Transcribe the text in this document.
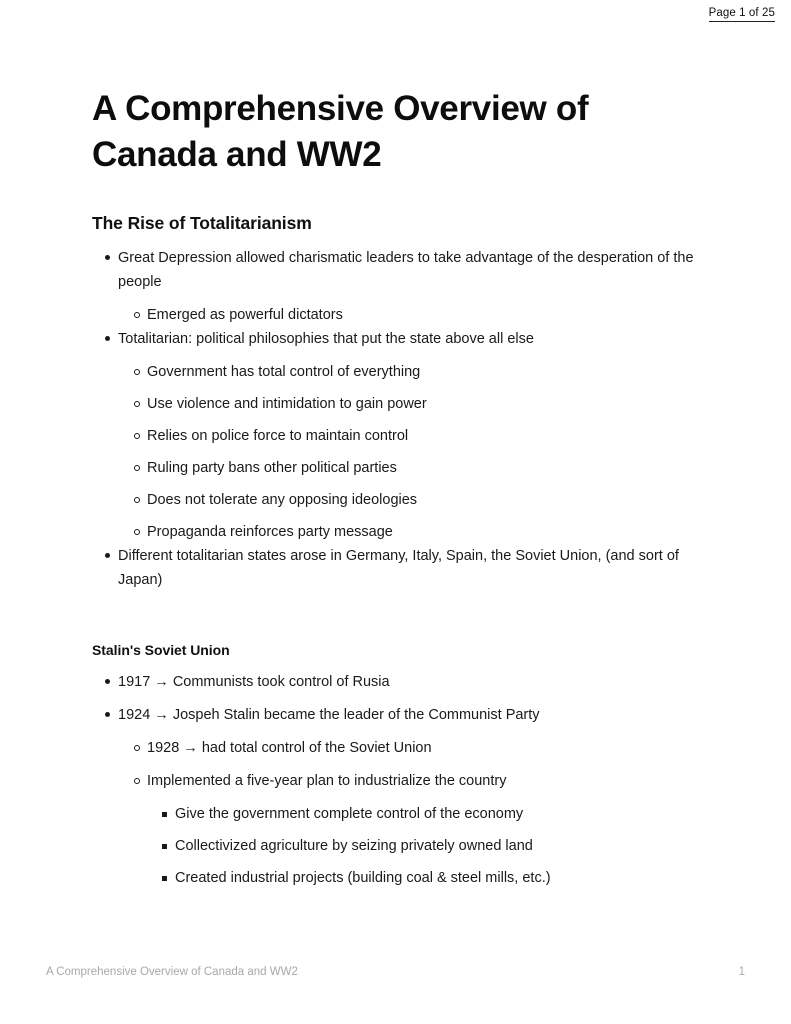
Page 1 of 25
A Comprehensive Overview of Canada and WW2
The Rise of Totalitarianism
Great Depression allowed charismatic leaders to take advantage of the desperation of the people
Emerged as powerful dictators
Totalitarian: political philosophies that put the state above all else
Government has total control of everything
Use violence and intimidation to gain power
Relies on police force to maintain control
Ruling party bans other political parties
Does not tolerate any opposing ideologies
Propaganda reinforces party message
Different totalitarian states arose in Germany, Italy, Spain, the Soviet Union, (and sort of Japan)
Stalin's Soviet Union
1917 → Communists took control of Rusia
1924 → Jospeh Stalin became the leader of the Communist Party
1928 → had total control of the Soviet Union
Implemented a five-year plan to industrialize the country
Give the government complete control of the economy
Collectivized agriculture by seizing privately owned land
Created industrial projects (building coal & steel mills, etc.)
A Comprehensive Overview of Canada and WW2	1
